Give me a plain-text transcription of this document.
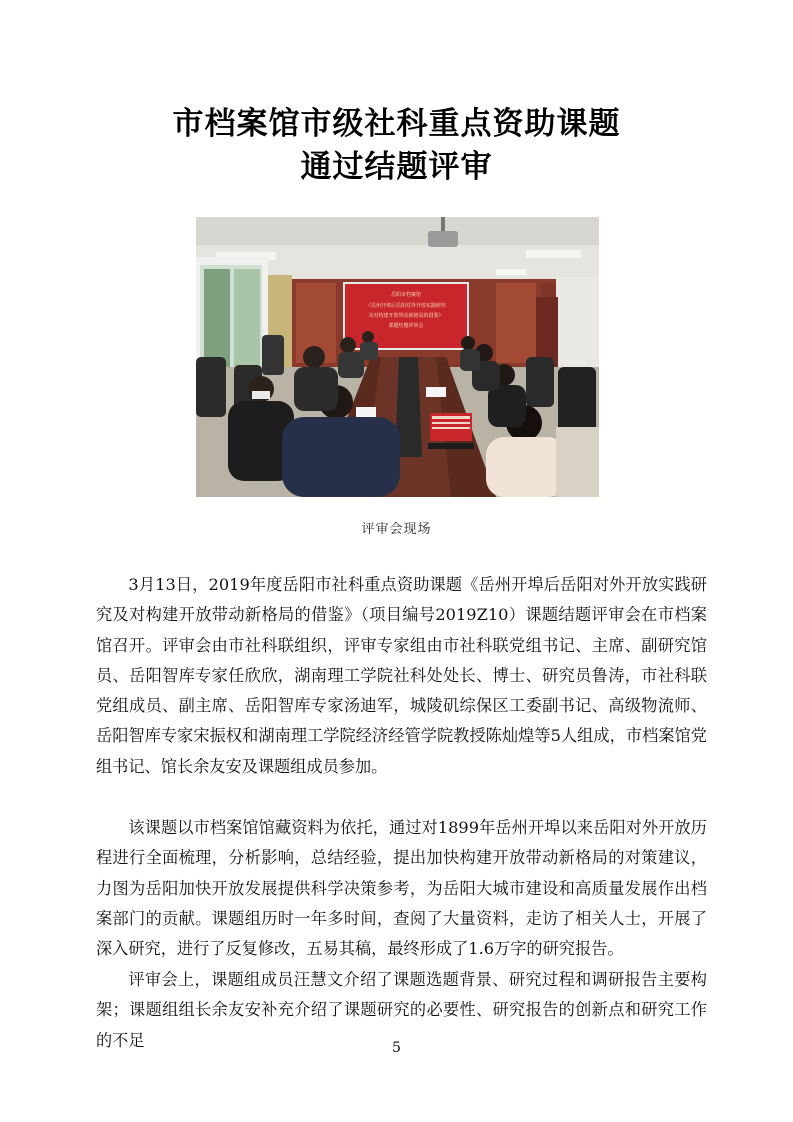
市档案馆市级社科重点资助课题
通过结题评审
岳阳市档案馆
《岳州开埠后岳阳对外开放实践研究
及对构建开放带动新格局的借鉴》
课题结题评审会
评审会现场

3月13日，2019年度岳阳市社科重点资助课题《岳州开埠后岳阳对外开放实践研究及对构建开放带动新格局的借鉴》（项目编号2019Z10）课题结题评审会在市档案馆召开。评审会由市社科联组织，评审专家组由市社科联党组书记、主席、副研究馆员、岳阳智库专家任欣欣，湖南理工学院社科处处长、博士、研究员鲁涛，市社科联党组成员、副主席、岳阳智库专家汤迪军，城陵矶综保区工委副书记、高级物流师、岳阳智库专家宋振权和湖南理工学院经济经管学院教授陈灿煌等5人组成，市档案馆党组书记、馆长余友安及课题组成员参加。

该课题以市档案馆馆藏资料为依托，通过对1899年岳州开埠以来岳阳对外开放历程进行全面梳理，分析影响，总结经验，提出加快构建开放带动新格局的对策建议，力图为岳阳加快开放发展提供科学决策参考，为岳阳大城市建设和高质量发展作出档案部门的贡献。课题组历时一年多时间，查阅了大量资料，走访了相关人士，开展了深入研究，进行了反复修改，五易其稿，最终形成了1.6万字的研究报告。

评审会上，课题组成员汪慧文介绍了课题选题背景、研究过程和调研报告主要构架；课题组组长余友安补充介绍了课题研究的必要性、研究报告的创新点和研究工作的不足	5
